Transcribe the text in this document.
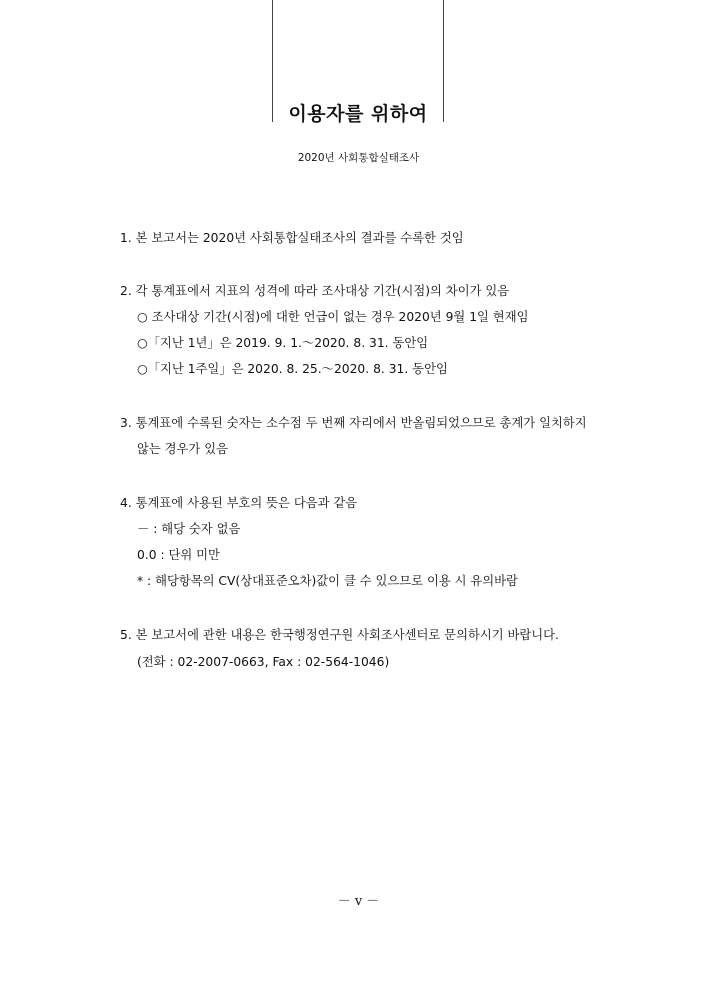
이용자를 위하여
2020년 사회통합실태조사
1. 본 보고서는 2020년 사회통합실태조사의 결과를 수록한 것임
2. 각 통계표에서 지표의 성격에 따라 조사대상 기간(시점)의 차이가 있음
○ 조사대상 기간(시점)에 대한 언급이 없는 경우 2020년 9월 1일 현재임
○「지난 1년」은 2019. 9. 1.～2020. 8. 31. 동안임
○「지난 1주일」은 2020. 8. 25.～2020. 8. 31. 동안임
3. 통계표에 수록된 숫자는 소수점 두 번째 자리에서 반올림되었으므로 총계가 일치하지
않는 경우가 있음
4. 통계표에 사용된 부호의 뜻은 다음과 같음
－ : 해당 숫자 없음
0.0 : 단위 미만
* : 해당항목의 CV(상대표준오차)값이 클 수 있으므로 이용 시 유의바람
5. 본 보고서에 관한 내용은 한국행정연구원 사회조사센터로 문의하시기 바랍니다.
(전화 : 02-2007-0663, Fax : 02-564-1046)
－ v －
